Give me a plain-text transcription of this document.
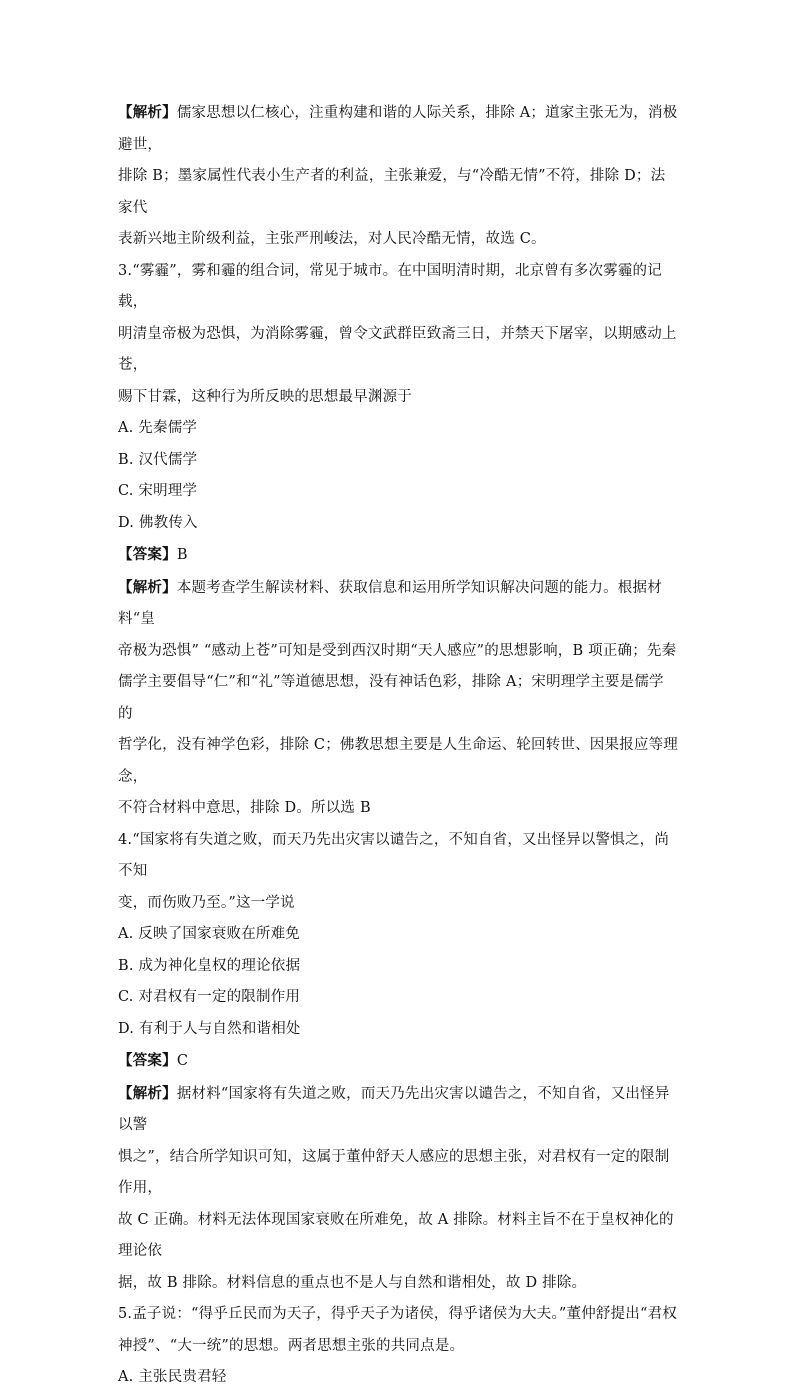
【解析】儒家思想以仁核心，注重构建和谐的人际关系，排除 A；道家主张无为，消极避世，

排除 B；墨家属性代表小生产者的利益，主张兼爱，与“冷酷无情”不符，排除 D；法家代

表新兴地主阶级利益，主张严刑峻法，对人民冷酷无情，故选 C。

3.“雾霾”，雾和霾的组合词，常见于城市。在中国明清时期，北京曾有多次雾霾的记载，

明清皇帝极为恐惧，为消除雾霾，曾令文武群臣致斋三日，并禁天下屠宰，以期感动上苍，

赐下甘霖，这种行为所反映的思想最早渊源于

A. 先秦儒学

B. 汉代儒学

C. 宋明理学

D. 佛教传入

【答案】B

【解析】本题考查学生解读材料、获取信息和运用所学知识解决问题的能力。根据材料“皇

帝极为恐惧” “感动上苍”可知是受到西汉时期“天人感应”的思想影响，B 项正确；先秦

儒学主要倡导“仁”和“礼”等道德思想，没有神话色彩，排除 A；宋明理学主要是儒学的

哲学化，没有神学色彩，排除 C；佛教思想主要是人生命运、轮回转世、因果报应等理念，

不符合材料中意思，排除 D。所以选 B

4.“国家将有失道之败，而天乃先出灾害以谴告之，不知自省，又出怪异以警惧之，尚不知

变，而伤败乃至。”这一学说

A. 反映了国家衰败在所难免

B. 成为神化皇权的理论依据

C. 对君权有一定的限制作用

D. 有利于人与自然和谐相处

【答案】C

【解析】据材料“国家将有失道之败，而天乃先出灾害以谴告之，不知自省，又出怪异以警

惧之”，结合所学知识可知，这属于董仲舒天人感应的思想主张，对君权有一定的限制作用，

故 C 正确。材料无法体现国家衰败在所难免，故 A 排除。材料主旨不在于皇权神化的理论依

据，故 B 排除。材料信息的重点也不是人与自然和谐相处，故 D 排除。

5.孟子说：“得乎丘民而为天子，得乎天子为诸侯，得乎诸侯为大夫。”董仲舒提出“君权

神授”、“大一统”的思想。两者思想主张的共同点是。

A. 主张民贵君轻
